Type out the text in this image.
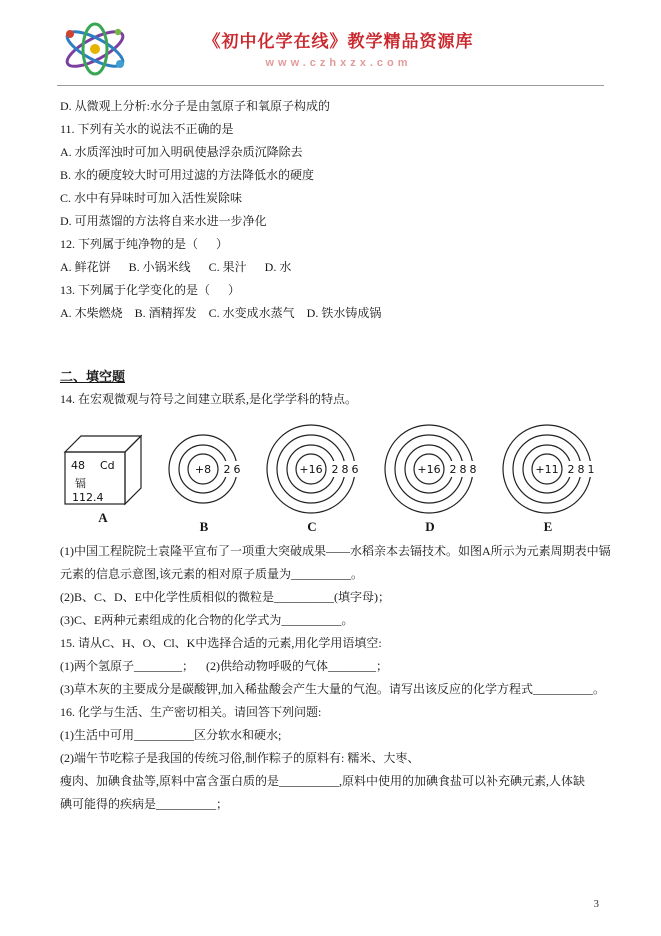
《初中化学在线》教学精品资源库
www.czhxzx.com
D. 从微观上分析:水分子是由氢原子和氧原子构成的
11. 下列有关水的说法不正确的是
A. 水质浑浊时可加入明矾使悬浮杂质沉降除去
B. 水的硬度较大时可用过滤的方法降低水的硬度
C. 水中有异味时可加入活性炭除味
D. 可用蒸馏的方法将自来水进一步净化
12. 下列属于纯净物的是（      ）
A. 鲜花饼      B. 小锅米线      C. 果汁      D. 水
13. 下列属于化学变化的是（      ）
A. 木柴燃烧    B. 酒精挥发    C. 水变成水蒸气    D. 铁水铸成锅
二、填空题
14. 在宏观微观与符号之间建立联系,是化学学科的特点。
48 Cd
镉
112.4
A
+8 2 6
B
+16 2 8 6
C
+16 2 8 8
D
+11 2 8 1
E
(1)中国工程院院士袁隆平宣布了一项重大突破成果——水稻亲本去镉技术。如图A所示为元素周期表中镉
元素的信息示意图,该元素的相对原子质量为__________。
(2)B、C、D、E中化学性质相似的微粒是__________(填字母)；
(3)C、E两种元素组成的化合物的化学式为__________。
15. 请从C、H、O、Cl、K中选择合适的元素,用化学用语填空:
(1)两个氢原子________；    (2)供给动物呼吸的气体________；
(3)草木灰的主要成分是碳酸钾,加入稀盐酸会产生大量的气泡。请写出该反应的化学方程式__________。
16. 化学与生活、生产密切相关。请回答下列问题:
(1)生活中可用__________区分软水和硬水;
(2)端午节吃粽子是我国的传统习俗,制作粽子的原料有: 糯米、大枣、
瘦肉、加碘食盐等,原料中富含蛋白质的是__________,原料中使用的加碘食盐可以补充碘元素,人体缺
碘可能得的疾病是__________；
3
